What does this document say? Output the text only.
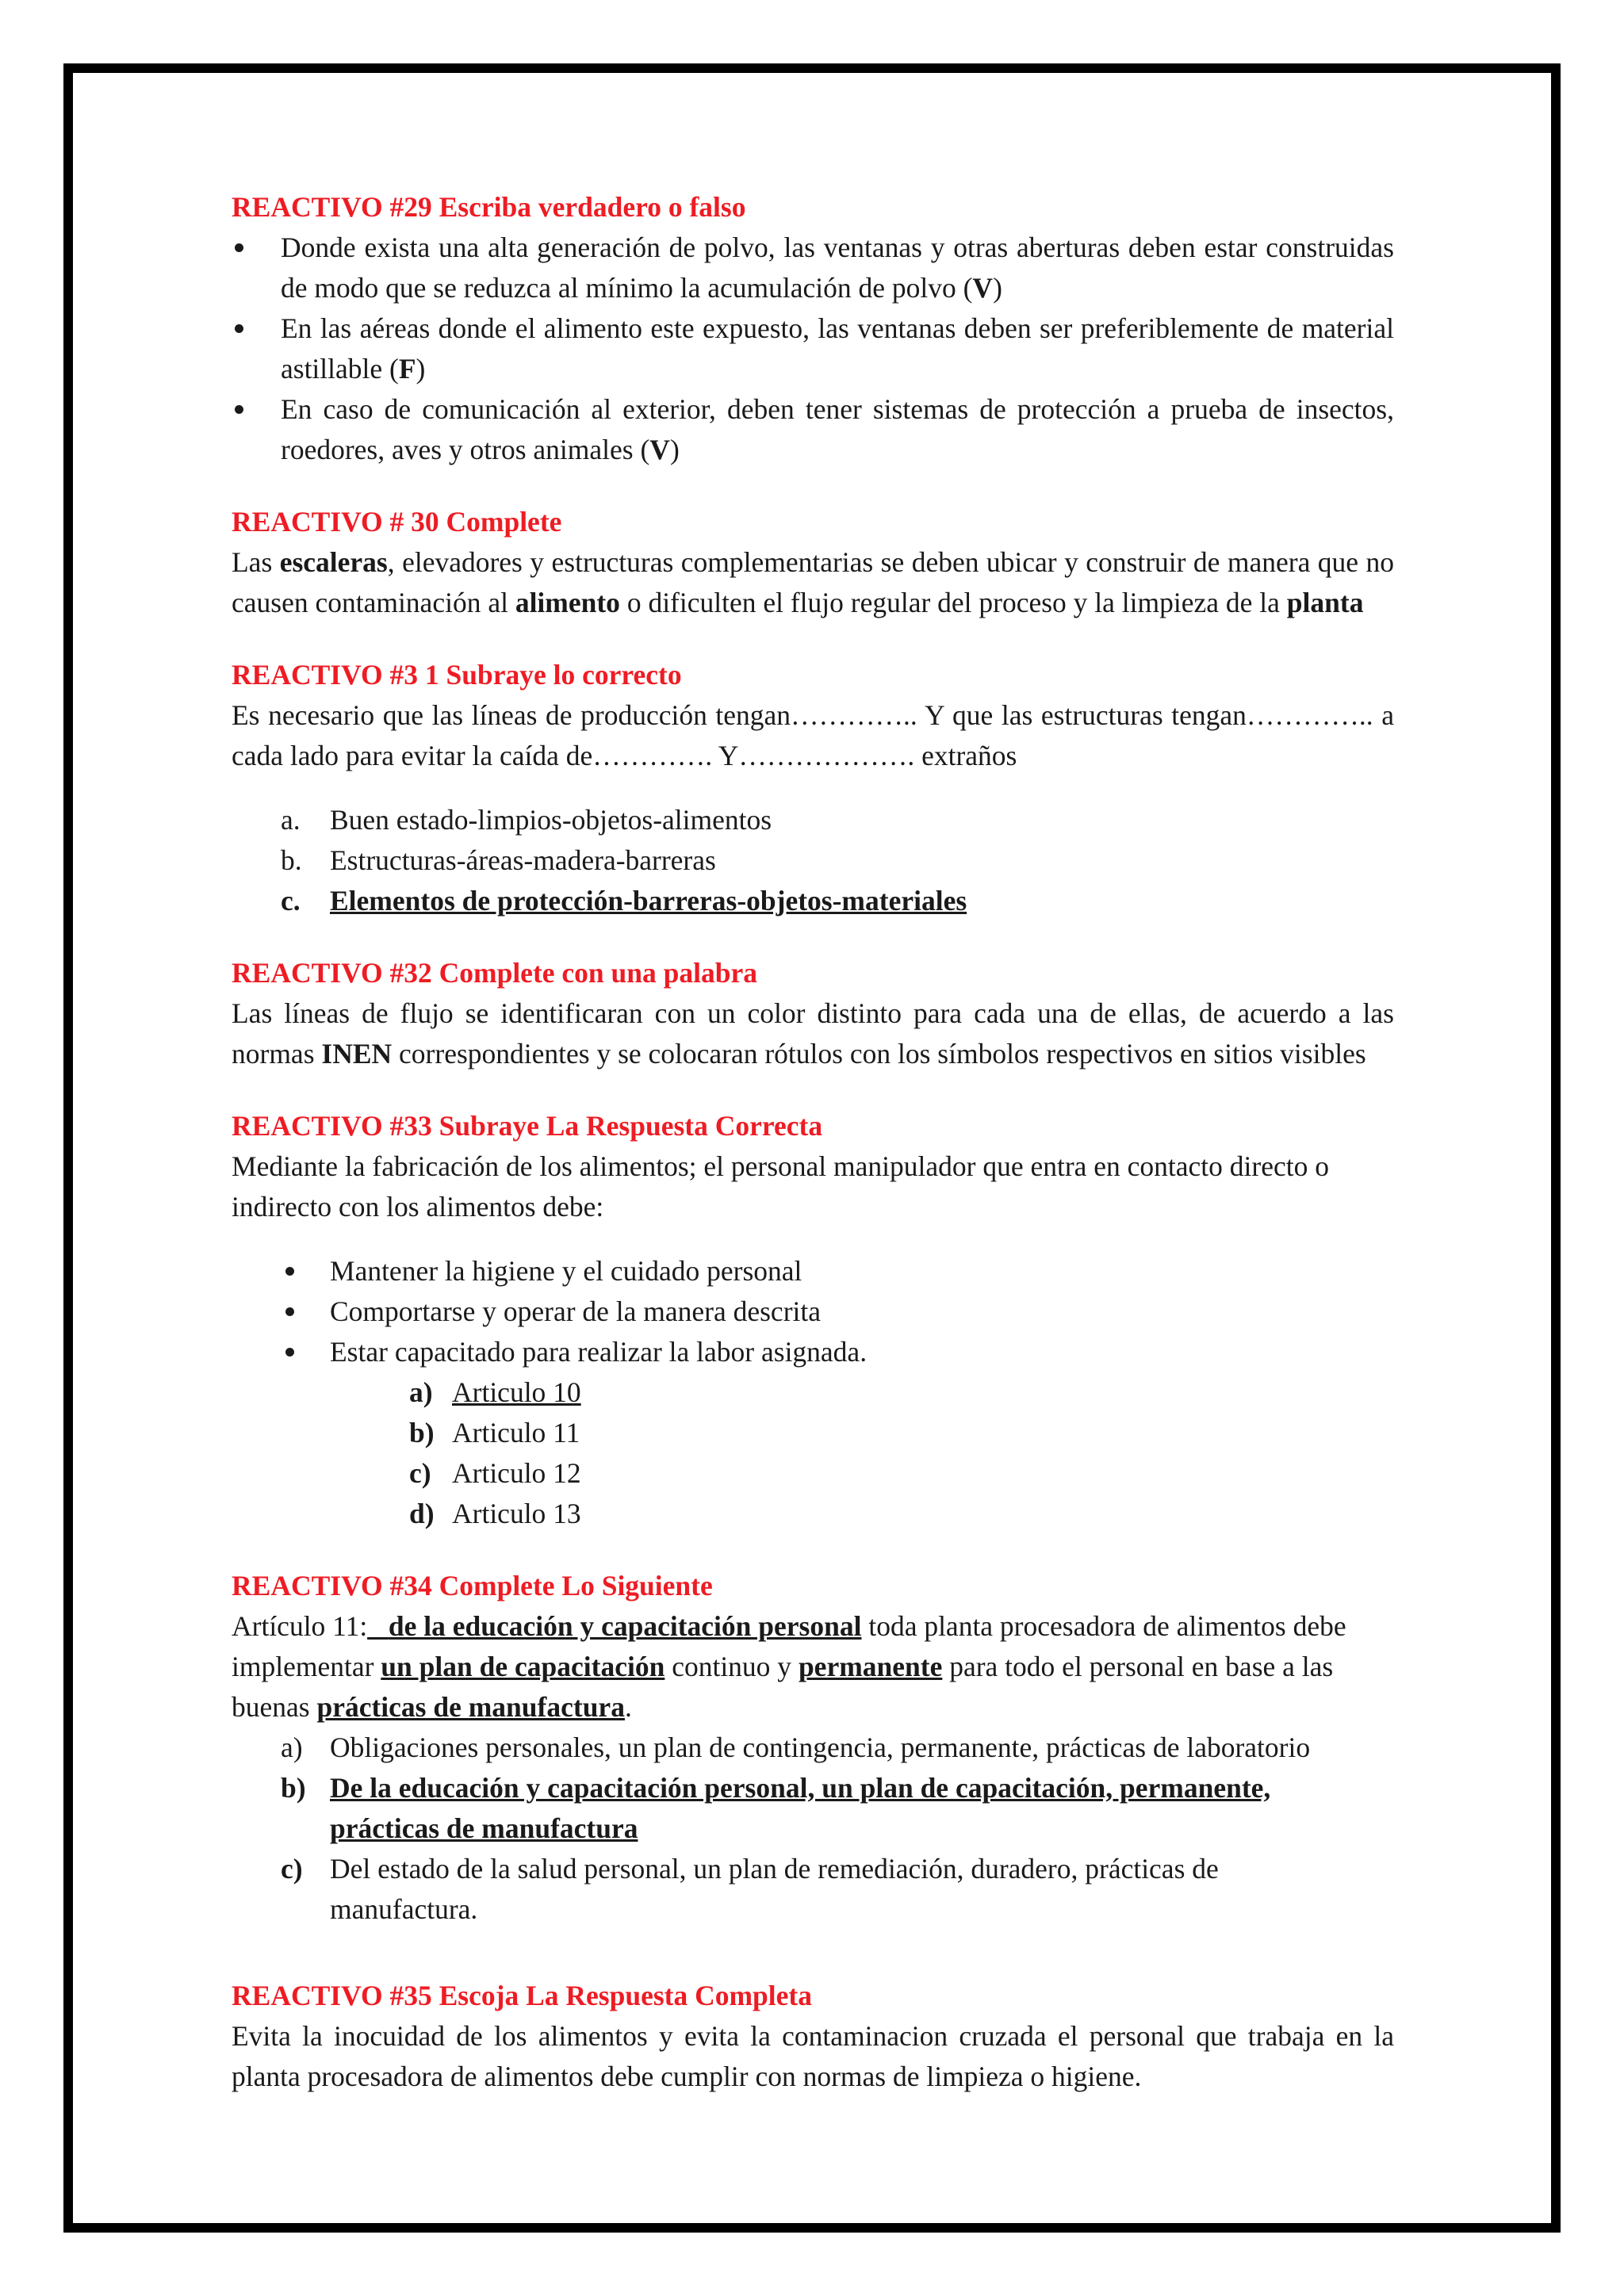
REACTIVO #29 Escriba verdadero o falso
Donde exista una alta generación de polvo, las ventanas y otras aberturas deben estar construidas de modo que se reduzca al mínimo la acumulación de polvo (V)
En las aéreas donde el alimento este expuesto, las ventanas deben ser preferiblemente de material astillable (F)
En caso de comunicación al exterior, deben tener sistemas de protección a prueba de insectos, roedores, aves y otros animales (V)
REACTIVO # 30 Complete
Las escaleras, elevadores y estructuras complementarias se deben ubicar y construir de manera que no causen contaminación al alimento o dificulten el flujo regular del proceso y la limpieza de la planta
REACTIVO #3 1 Subraye lo correcto
Es necesario que las líneas de producción tengan………….. Y que las estructuras tengan………….. a cada lado para evitar la caída de…………. Y………………. extraños
a.	Buen estado-limpios-objetos-alimentos
b. Estructuras-áreas-madera-barreras
c.	Elementos de protección-barreras-objetos-materiales
REACTIVO #32 Complete con una palabra
Las líneas de flujo se identificaran con un color distinto para cada una de ellas, de acuerdo a las normas INEN correspondientes y se colocaran rótulos con los símbolos respectivos en sitios visibles
REACTIVO #33 Subraye La Respuesta Correcta
Mediante la fabricación de los alimentos; el personal manipulador que entra en contacto directo o indirecto con los alimentos debe:
Mantener la higiene y el cuidado personal
Comportarse y operar de la manera descrita
Estar capacitado para realizar la labor asignada.
a) Articulo 10
b) Articulo 11
c) Articulo 12
d) Articulo 13
REACTIVO #34 Complete Lo Siguiente
Artículo 11:_ de la educación y capacitación personal toda planta procesadora de alimentos debe implementar un plan de capacitación continuo y permanente para todo el personal en base a las buenas prácticas de manufactura.
a) Obligaciones personales, un plan de contingencia, permanente, prácticas de laboratorio
b) De la educación y capacitación personal, un plan de capacitación, permanente, prácticas de manufactura
c) Del estado de la salud personal, un plan de remediación, duradero, prácticas de manufactura.
REACTIVO #35 Escoja La Respuesta Completa
Evita la inocuidad de los alimentos y evita la contaminacion cruzada el personal que trabaja en la planta procesadora de alimentos debe cumplir con normas de limpieza o higiene.
